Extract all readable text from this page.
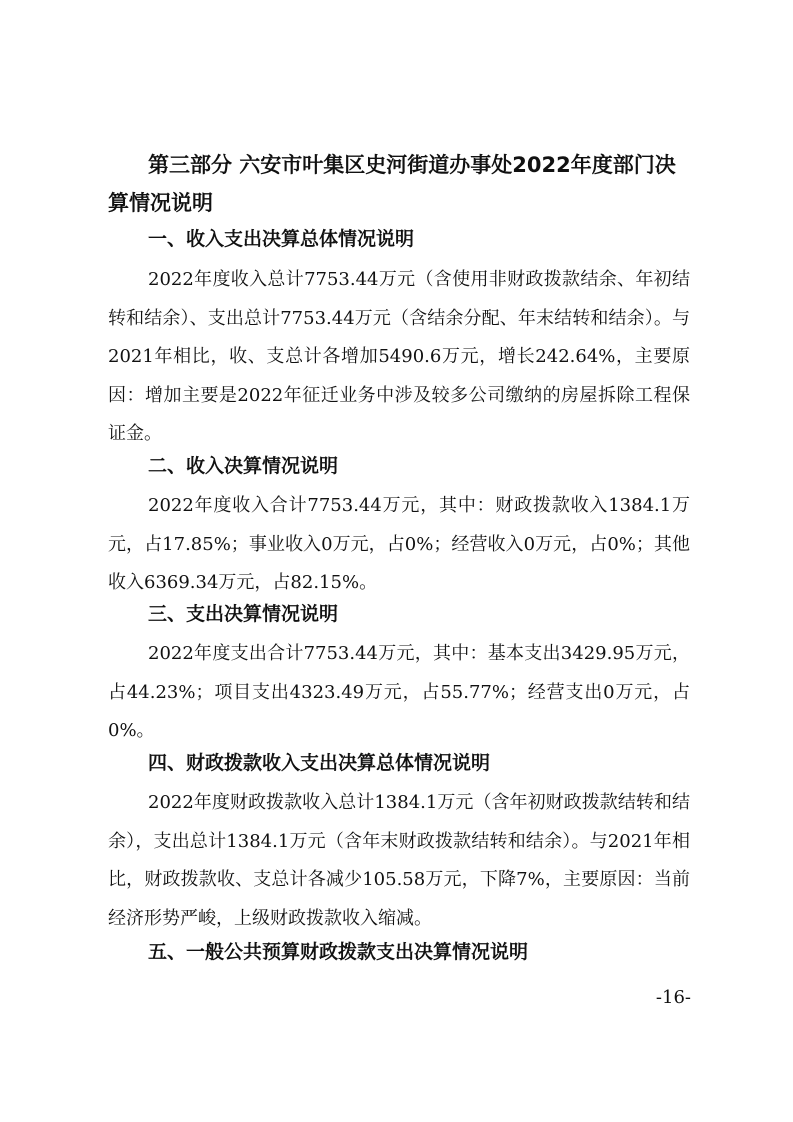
第三部分 六安市叶集区史河街道办事处2022年度部门决算情况说明

一、收入支出决算总体情况说明

2022年度收入总计7753.44万元（含使用非财政拨款结余、年初结转和结余）、支出总计7753.44万元（含结余分配、年末结转和结余）。与2021年相比，收、支总计各增加5490.6万元，增长242.64%，主要原因：增加主要是2022年征迁业务中涉及较多公司缴纳的房屋拆除工程保证金。

二、收入决算情况说明

2022年度收入合计7753.44万元，其中：财政拨款收入1384.1万元，占17.85%；事业收入0万元，占0%；经营收入0万元，占0%；其他收入6369.34万元，占82.15%。

三、支出决算情况说明

2022年度支出合计7753.44万元，其中：基本支出3429.95万元，占44.23%；项目支出4323.49万元，占55.77%；经营支出0万元，占0%。

四、财政拨款收入支出决算总体情况说明

2022年度财政拨款收入总计1384.1万元（含年初财政拨款结转和结余），支出总计1384.1万元（含年末财政拨款结转和结余）。与2021年相比，财政拨款收、支总计各减少105.58万元，下降7%，主要原因：当前经济形势严峻，上级财政拨款收入缩减。

五、一般公共预算财政拨款支出决算情况说明

-16-
